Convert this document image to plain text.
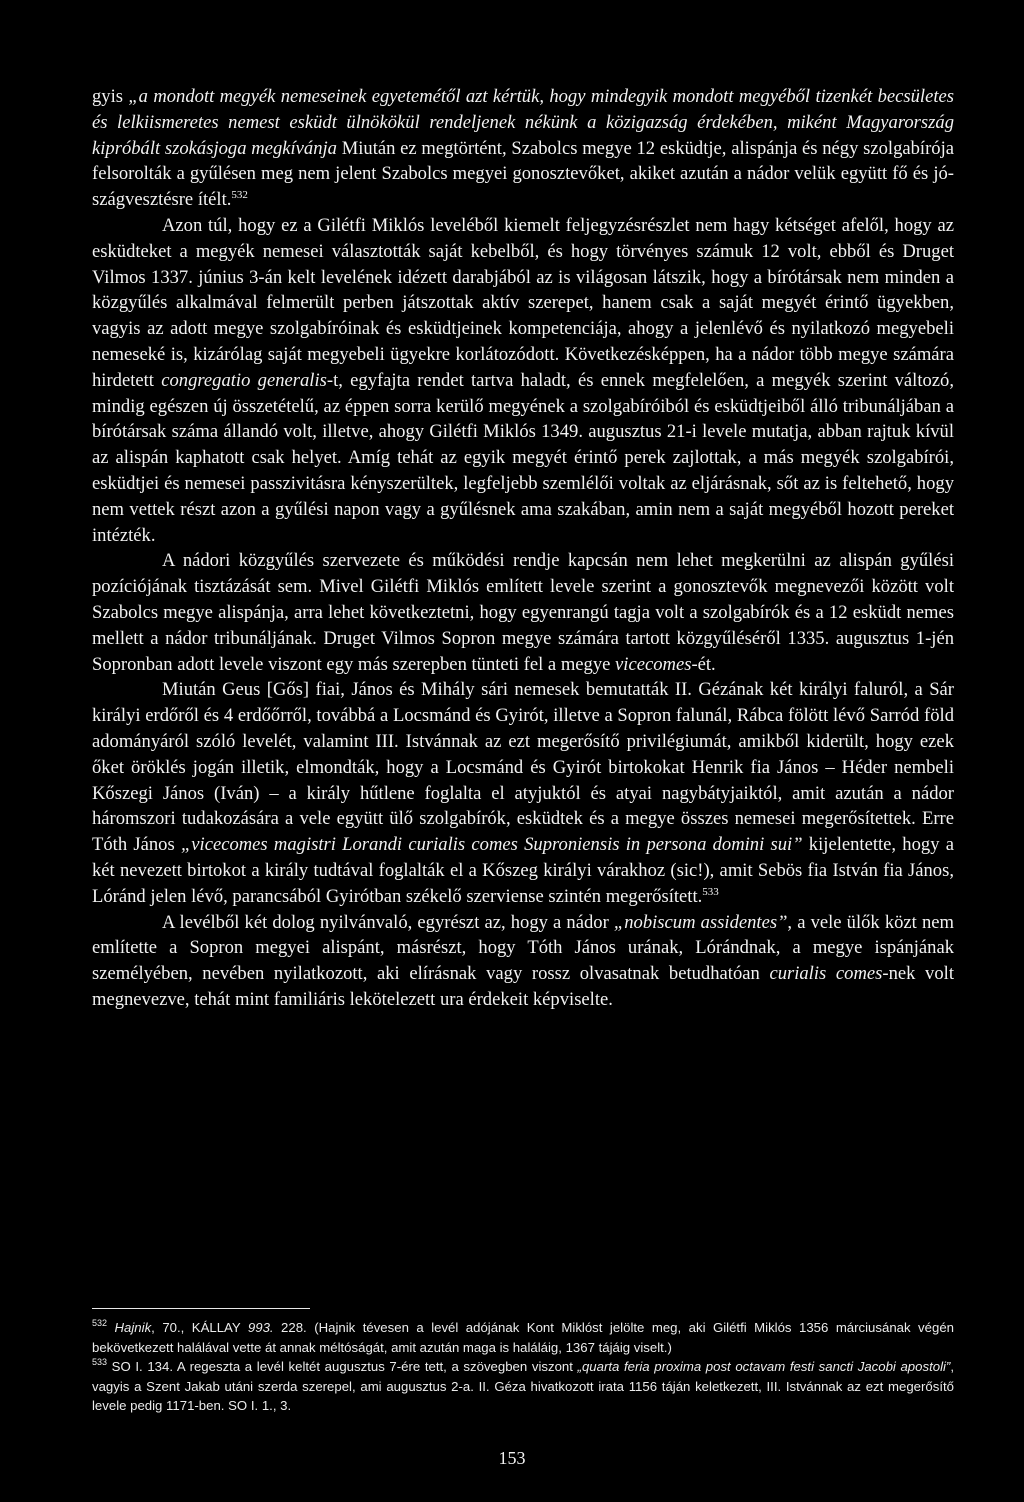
gyis „a mondott megyék nemeseinek egyetemétől azt kértük, hogy mindegyik mondott megyéből tizenkét becsületes és lelkiismeretes nemest esküdt ülnökökül rendeljenek nékünk a közigazság érdekében, miként Magyarország kipróbált szokásjoga megkívánja Miután ez megtörtént, Szabolcs megye 12 esküdtje, alispánja és négy szolgabírója felsorolták a gyűlésen meg nem jelent Szabolcs megyei gonosztevőket, akiket azután a nádor velük együtt fő és jószágvesztésre ítélt.$^{532}$

Azon túl, hogy ez a Gilétfi Miklós leveléből kiemelt feljegyzésrészlet nem hagy kétséget afelől, hogy az esküdteket a megyék nemesei választották saját kebelből, és hogy törvényes számuk 12 volt, ebből és Druget Vilmos 1337. június 3-án kelt levelének idézett darabjából az is világosan látszik, hogy a bírótársak nem minden a közgyűlés alkalmával felmerült perben játszottak aktív szerepet, hanem csak a saját megyét érintő ügyekben, vagyis az adott megye szolgabíróinak és esküdtjeinek kompetenciája, ahogy a jelenlévő és nyilatkozó megyebeli nemeseké is, kizárólag saját megyebeli ügyekre korlátozódott. Következésképpen, ha a nádor több megye számára hirdetett congregatio generalis-t, egyfajta rendet tartva haladt, és ennek megfelelően, a megyék szerint változó, mindig egészen új összetételű, az éppen sorra kerülő megyének a szolgabíróiból és esküdtjeiből álló tribunáljában a bírótársak száma állandó volt, illetve, ahogy Gilétfi Miklós 1349. augusztus 21-i levele mutatja, abban rajtuk kívül az alispán kaphatott csak helyet. Amíg tehát az egyik megyét érintő perek zajlottak, a más megyék szolgabírói, esküdtjei és nemesei passzivitásra kényszerültek, legfeljebb szemlélői voltak az eljárásnak, sőt az is feltehető, hogy nem vettek részt azon a gyűlési napon vagy a gyűlésnek ama szakában, amin nem a saját megyéből hozott pereket intézték.

A nádori közgyűlés szervezete és működési rendje kapcsán nem lehet megkerülni az alispán gyűlési pozíciójának tisztázását sem. Mivel Gilétfi Miklós említett levele szerint a gonosztevők megnevezői között volt Szabolcs megye alispánja, arra lehet következtetni, hogy egyenrangú tagja volt a szolgabírók és a 12 esküdt nemes mellett a nádor tribunáljának. Druget Vilmos Sopron megye számára tartott közgyűléséről 1335. augusztus 1-jén Sopronban adott levele viszont egy más szerepben tünteti fel a megye vicecomes-ét.

Miután Geus [Gős] fiai, János és Mihály sári nemesek bemutatták II. Gézának két királyi faluról, a Sár királyi erdőről és 4 erdőőrről, továbbá a Locsmánd és Gyirót, illetve a Sopron falunál, Rábca fölött lévő Sarród föld adományáról szóló levelét, valamint III. Istvánnak az ezt megerősítő privilégiumát, amikből kiderült, hogy ezek őket öröklés jogán illetik, elmondták, hogy a Locsmánd és Gyirót birtokokat Henrik fia János – Héder nembeli Kőszegi János (Iván) – a király hűtlene foglalta el atyjuktól és atyai nagybátyjaiktól, amit azután a nádor háromszori tudakozására a vele együtt ülő szolgabírók, esküdtek és a megye összes nemesei megerősítettek. Erre Tóth János „vicecomes magistri Lorandi curialis comes Suproniensis in persona domini sui” kijelentette, hogy a két nevezett birtokot a király tudtával foglalták el a Kőszeg királyi várakhoz (sic!), amit Sebös fia István fia János, Lóránd jelen lévő, parancsából Gyirótban székelő szerviense szintén megerősített.$^{533}$

A levélből két dolog nyilvánvaló, egyrészt az, hogy a nádor „nobiscum assidentes”, a vele ülők közt nem említette a Sopron megyei alispánt, másrészt, hogy Tóth János urának, Lórándnak, a megye ispánjának személyében, nevében nyilatkozott, aki elírásnak vagy rossz olvasatnak betudhatóan curialis comes-nek volt megnevezve, tehát mint familiáris lekötelezett ura érdekeit képviselte.

$^{532}$ Hajnik, 70., KÁLLAY 993. 228. (Hajnik tévesen a levél adójának Kont Miklóst jelölte meg, aki Gilétfi Miklós 1356 márciusának végén bekövetkezett halálával vette át annak méltóságát, amit azután maga is haláláig, 1367 tájáig viselt.)

$^{533}$ SO I. 134. A regeszta a levél keltét augusztus 7-ére tett, a szövegben viszont „quarta feria proxima post octavam festi sancti Jacobi apostoli”, vagyis a Szent Jakab utáni szerda szerepel, ami augusztus 2-a. II. Géza hivatkozott irata 1156 táján keletkezett, III. Istvánnak az ezt megerősítő levele pedig 1171-ben. SO I. 1., 3.

153
